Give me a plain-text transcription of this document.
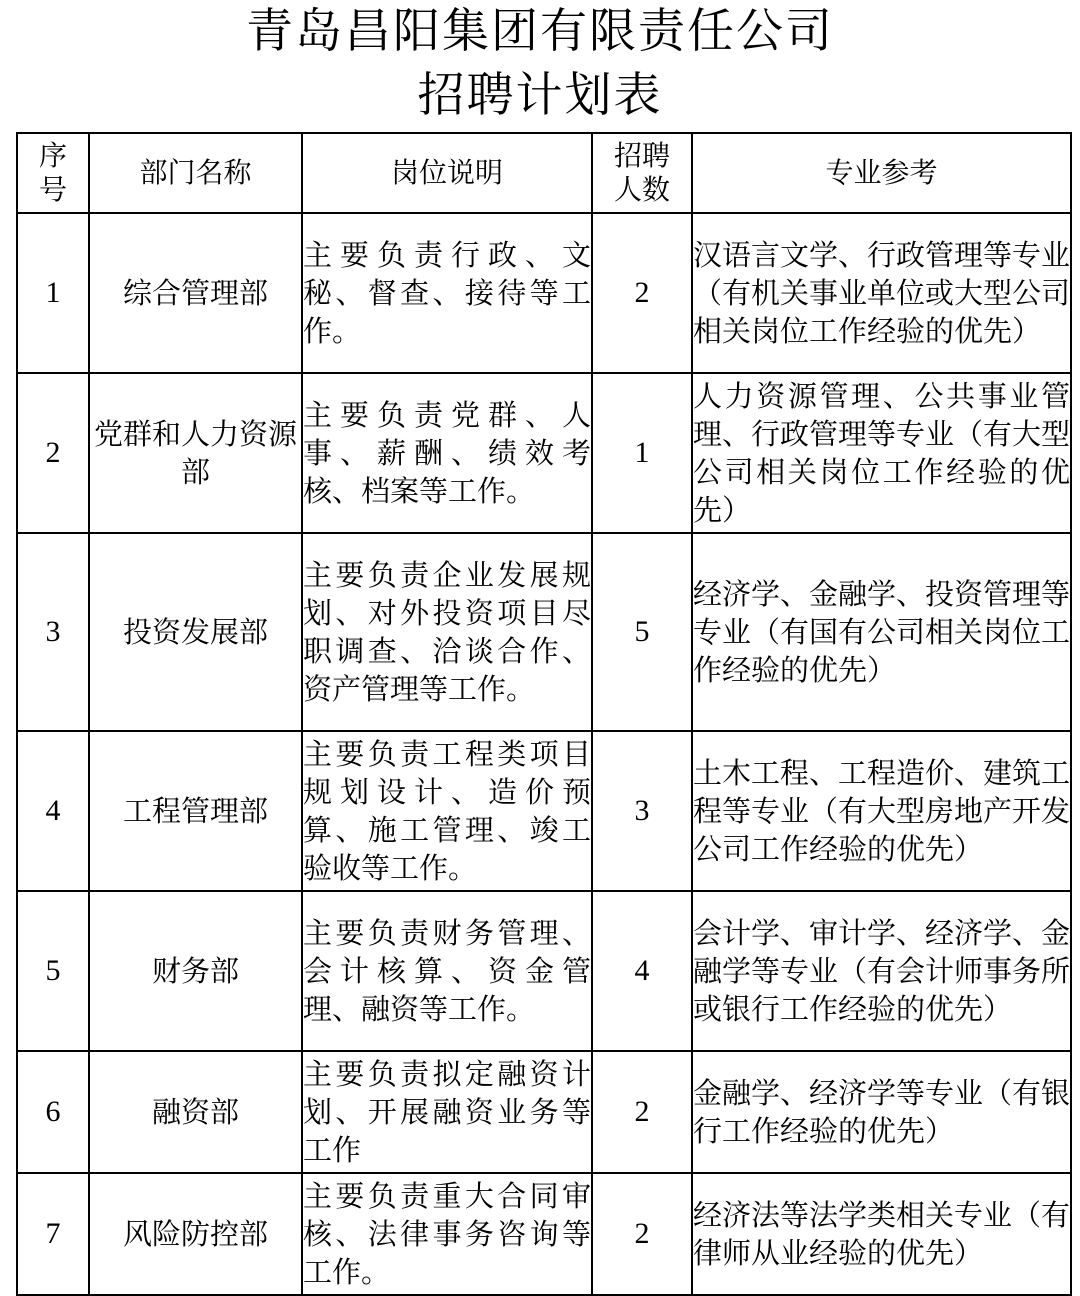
青岛昌阳集团有限责任公司
招聘计划表
序号	部门名称	岗位说明	招聘人数	专业参考
1	综合管理部	主要负责行政、文秘、督查、接待等工作。	2	汉语言文学、行政管理等专业（有机关事业单位或大型公司相关岗位工作经验的优先）
2	党群和人力资源部	主要负责党群、人事、薪酬、绩效考核、档案等工作。	1	人力资源管理、公共事业管理、行政管理等专业（有大型公司相关岗位工作经验的优先）
3	投资发展部	主要负责企业发展规划、对外投资项目尽职调查、洽谈合作、资产管理等工作。	5	经济学、金融学、投资管理等专业（有国有公司相关岗位工作经验的优先）
4	工程管理部	主要负责工程类项目规划设计、造价预算、施工管理、竣工验收等工作。	3	土木工程、工程造价、建筑工程等专业（有大型房地产开发公司工作经验的优先）
5	财务部	主要负责财务管理、会计核算、资金管理、融资等工作。	4	会计学、审计学、经济学、金融学等专业（有会计师事务所或银行工作经验的优先）
6	融资部	主要负责拟定融资计划、开展融资业务等工作	2	金融学、经济学等专业（有银行工作经验的优先）
7	风险防控部	主要负责重大合同审核、法律事务咨询等工作。	2	经济法等法学类相关专业（有律师从业经验的优先）
